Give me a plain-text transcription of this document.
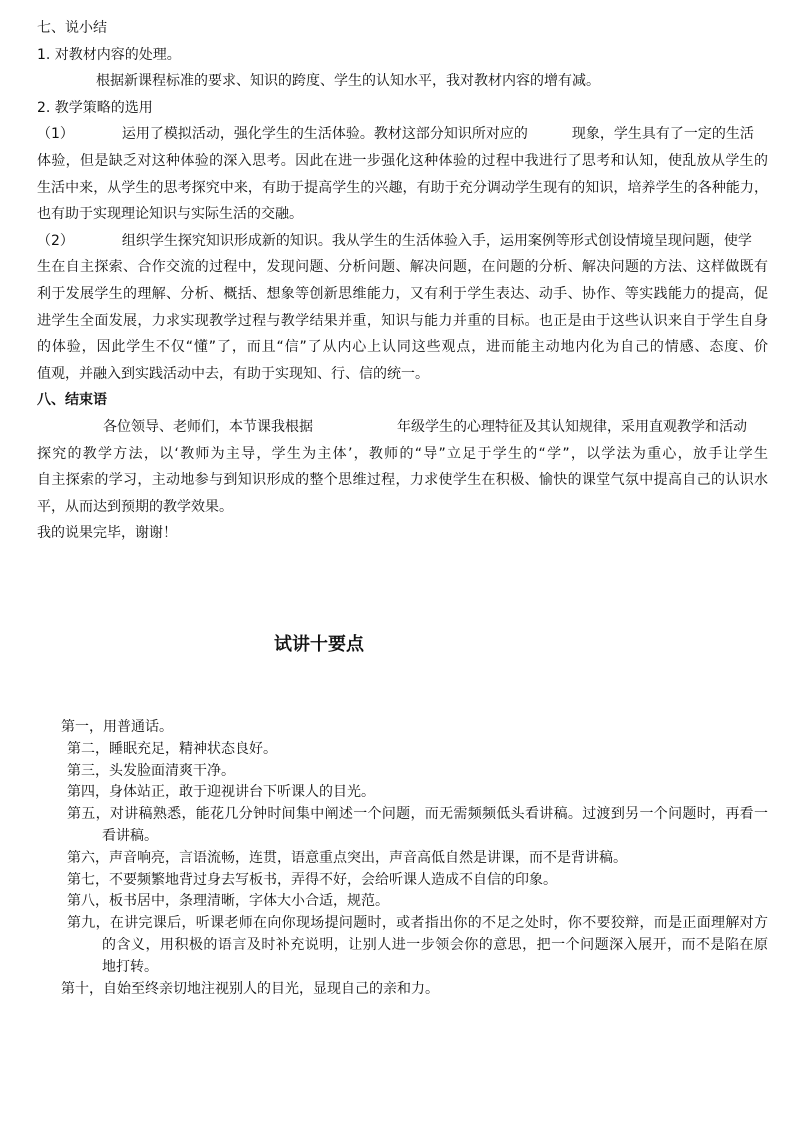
七、说小结
1. 对教材内容的处理。
根据新课程标准的要求、知识的跨度、学生的认知水平，我对教材内容的增有减。
2. 教学策略的选用
（1）	运用了模拟活动，强化学生的生活体验。教材这部分知识所对应的	现象，学生具有了一定的生活
体验，但是缺乏对这种体验的深入思考。因此在进一步强化这种体验的过程中我进行了思考和认知，使乱放从学生的
生活中来，从学生的思考探究中来，有助于提高学生的兴趣，有助于充分调动学生现有的知识，培养学生的各种能力，
也有助于实现理论知识与实际生活的交融。
（2）	组织学生探究知识形成新的知识。我从学生的生活体验入手，运用案例等形式创设情境呈现问题，使学
生在自主探索、合作交流的过程中，发现问题、分析问题、解决问题，在问题的分析、解决问题的方法、这样做既有
利于发展学生的理解、分析、概括、想象等创新思维能力，又有利于学生表达、动手、协作、等实践能力的提高，促
进学生全面发展，力求实现教学过程与教学结果并重，知识与能力并重的目标。也正是由于这些认识来自于学生自身
的体验，因此学生不仅“懂”了，而且“信”了从内心上认同这些观点，进而能主动地内化为自己的情感、态度、价
值观，并融入到实践活动中去，有助于实现知、行、信的统一。
八、结束语
各位领导、老师们，本节课我根据	年级学生的心理特征及其认知规律，采用直观教学和活动
探究的教学方法，以‘教师为主导，学生为主体’，教师的“导”立足于学生的“学”，以学法为重心，放手让学生
自主探索的学习，主动地参与到知识形成的整个思维过程，力求使学生在积极、愉快的课堂气氛中提高自己的认识水
平，从而达到预期的教学效果。
我的说果完毕，谢谢！
试讲十要点
第一，用普通话。
第二，睡眠充足，精神状态良好。
第三，头发脸面清爽干净。
第四，身体站正，敢于迎视讲台下听课人的目光。
第五，对讲稿熟悉，能花几分钟时间集中阐述一个问题，而无需频频低头看讲稿。过渡到另一个问题时，再看一
看讲稿。
第六，声音响亮，言语流畅，连贯，语意重点突出，声音高低自然是讲课，而不是背讲稿。
第七，不要频繁地背过身去写板书，弄得不好，会给听课人造成不自信的印象。
第八，板书居中，条理清晰，字体大小合适，规范。
第九，在讲完课后，听课老师在向你现场提问题时，或者指出你的不足之处时，你不要狡辩，而是正面理解对方
的含义，用积极的语言及时补充说明，让别人进一步领会你的意思，把一个问题深入展开，而不是陷在原
地打转。
第十，自始至终亲切地注视别人的目光，显现自己的亲和力。
